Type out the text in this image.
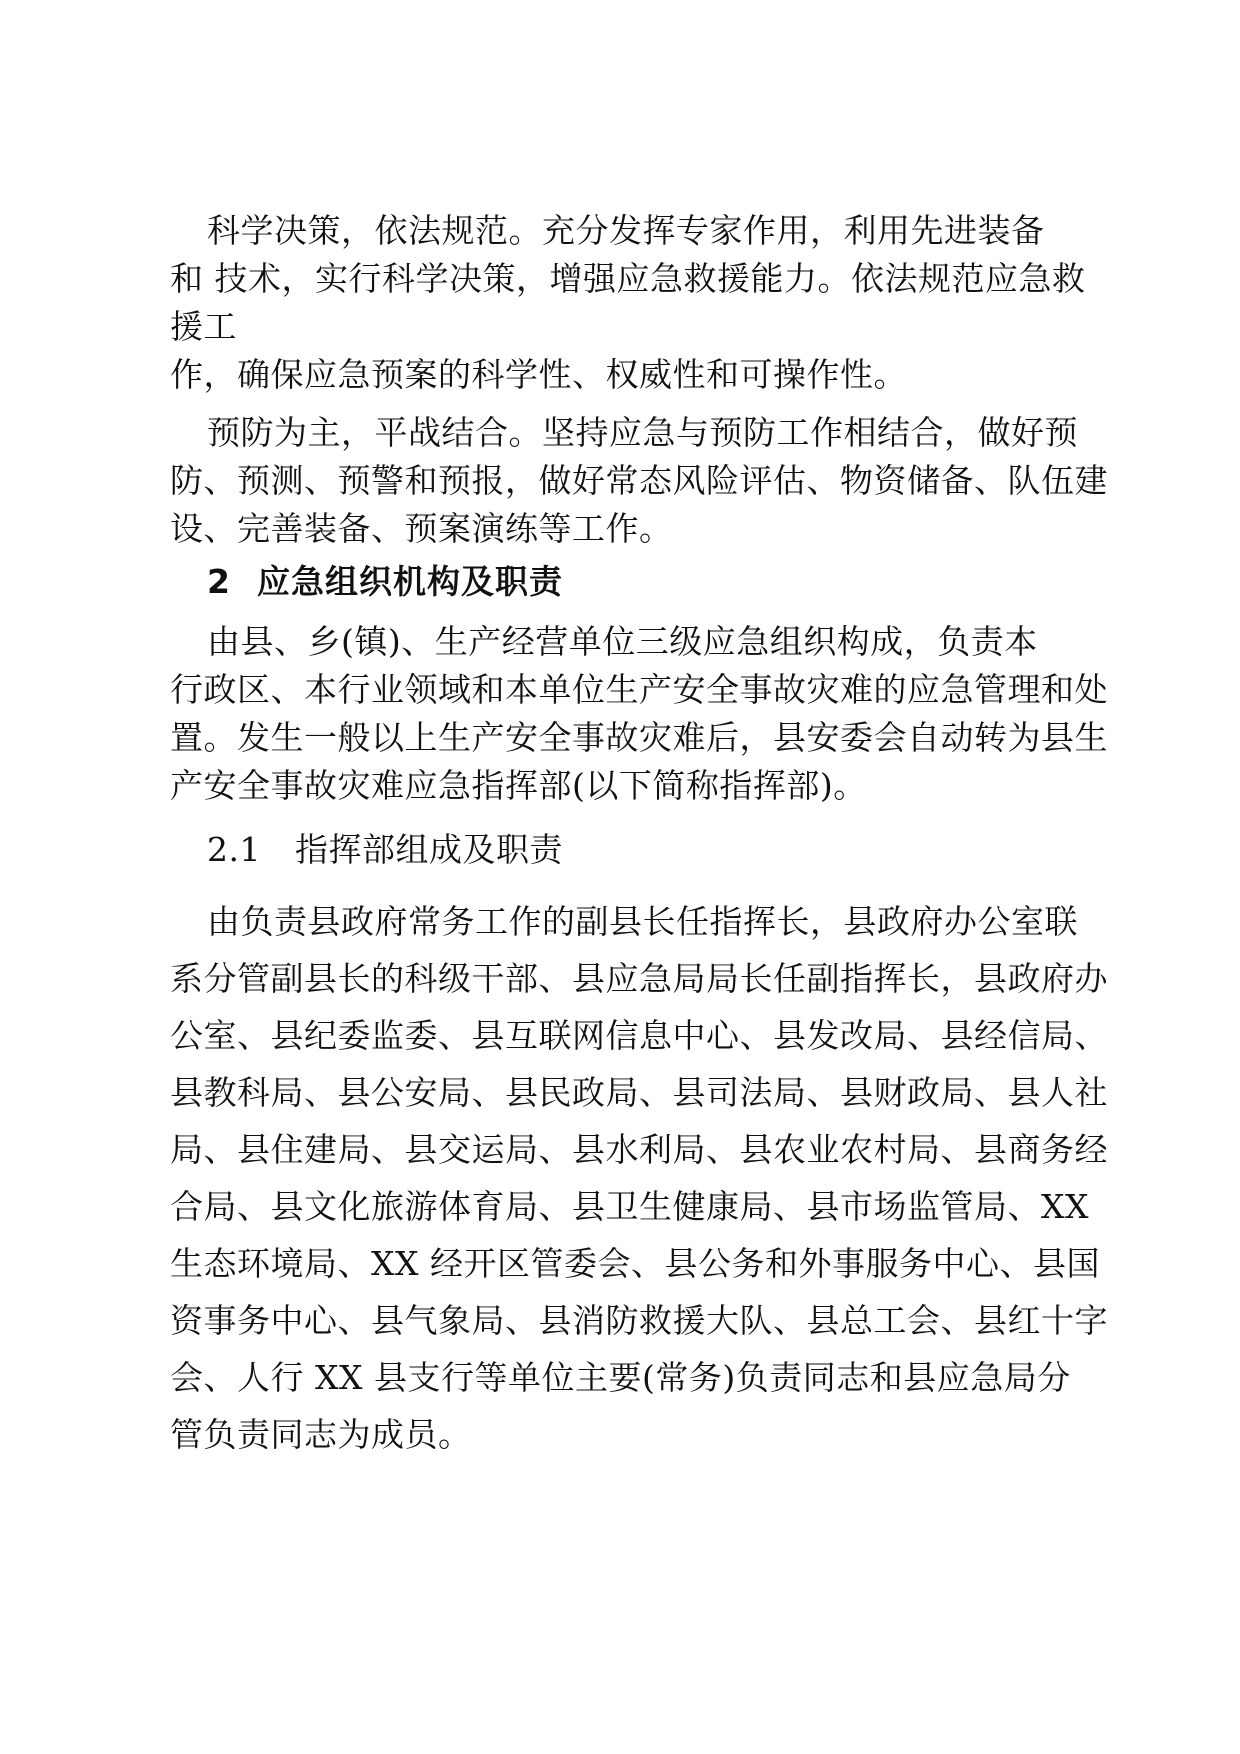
科学决策，依法规范。充分发挥专家作用，利用先进装备

和 技术，实行科学决策，增强应急救援能力。依法规范应急救

援工

作，确保应急预案的科学性、权威性和可操作性。

预防为主，平战结合。坚持应急与预防工作相结合，做好预

防、预测、预警和预报，做好常态风险评估、物资储备、队伍建

设、完善装备、预案演练等工作。

2 应急组织机构及职责

由县、乡(镇)、生产经营单位三级应急组织构成，负责本

行政区、本行业领域和本单位生产安全事故灾难的应急管理和处

置。发生一般以上生产安全事故灾难后，县安委会自动转为县生

产安全事故灾难应急指挥部(以下简称指挥部)。

2.1 指挥部组成及职责

由负责县政府常务工作的副县长任指挥长，县政府办公室联

系分管副县长的科级干部、县应急局局长任副指挥长，县政府办

公室、县纪委监委、县互联网信息中心、县发改局、县经信局、

县教科局、县公安局、县民政局、县司法局、县财政局、县人社

局、县住建局、县交运局、县水利局、县农业农村局、县商务经

合局、县文化旅游体育局、县卫生健康局、县市场监管局、XX

生态环境局、XX 经开区管委会、县公务和外事服务中心、县国

资事务中心、县气象局、县消防救援大队、县总工会、县红十字

会、人行 XX 县支行等单位主要(常务)负责同志和县应急局分

管负责同志为成员。
